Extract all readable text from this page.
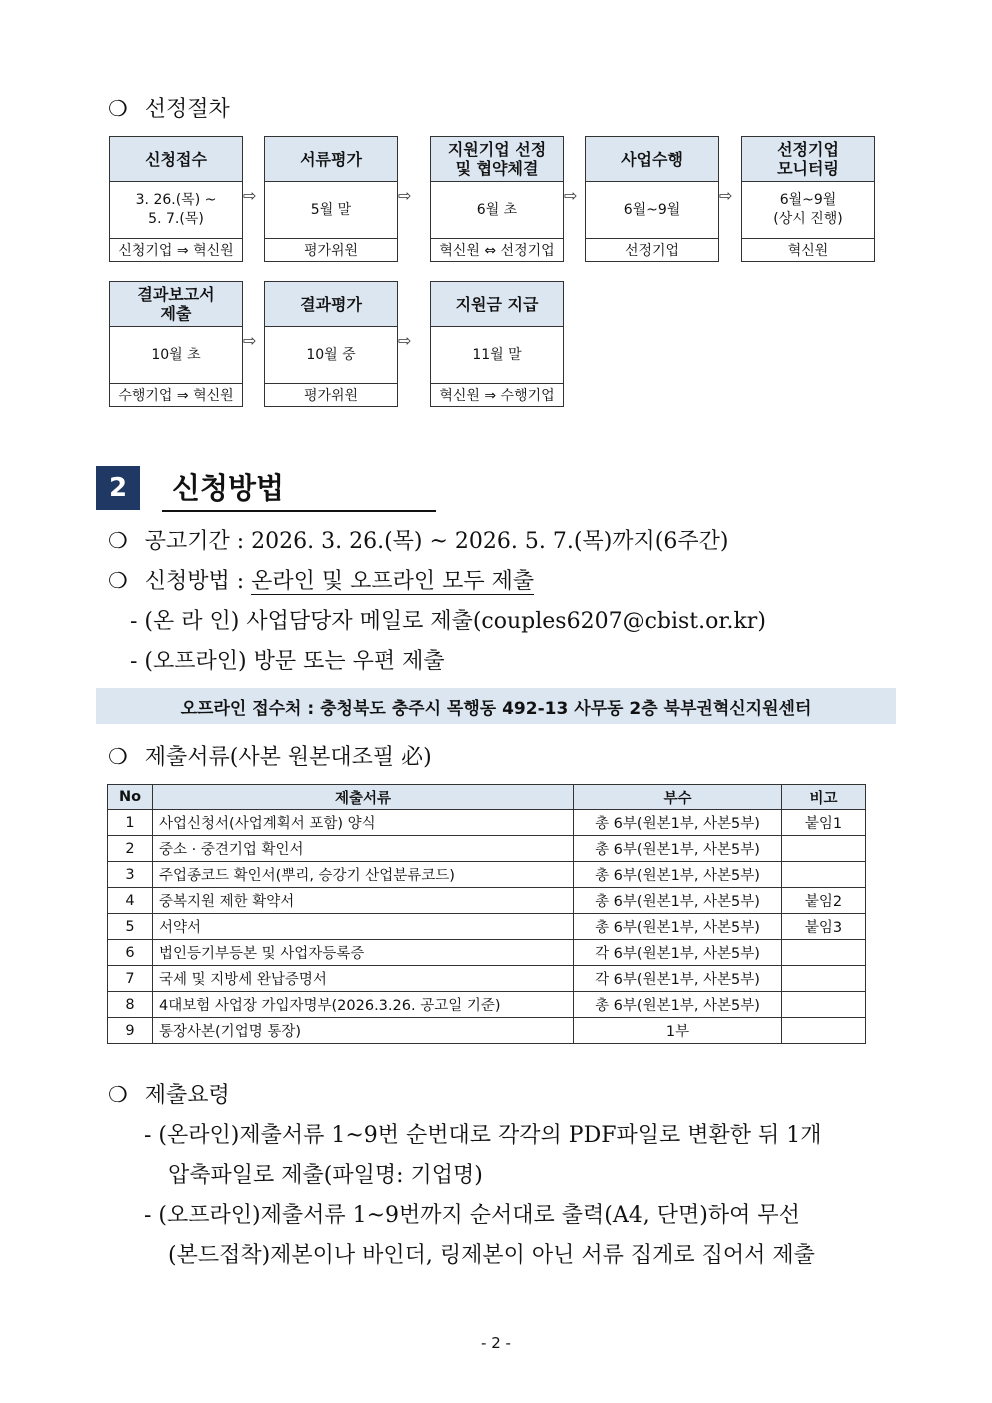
❍ 선정절차
신청접수
3. 26.(목) ~
5. 7.(목)
신청기업 ⇒ 혁신원
⇨
서류평가
5월 말
평가위원
⇨
지원기업 선정
및 협약체결
6월 초
혁신원 ⇔ 선정기업
⇨
사업수행
6월~9월
선정기업
⇨
선정기업
모니터링
6월~9월
(상시 진행)
혁신원
결과보고서
제출
10월 초
수행기업 ⇒ 혁신원
⇨
결과평가
10월 중
평가위원
⇨
지원금 지급
11월 말
혁신원 ⇒ 수행기업
2	신청방법
❍ 공고기간 : 2026. 3. 26.(목) ~ 2026. 5. 7.(목)까지(6주간)
❍ 신청방법 : 온라인 및 오프라인 모두 제출
- (온 라 인) 사업담당자 메일로 제출(couples6207@cbist.or.kr)
- (오프라인) 방문 또는 우편 제출
오프라인 접수처 : 충청북도 충주시 목행동 492-13 사무동 2층 북부권혁신지원센터
❍ 제출서류(사본 원본대조필 必)
No	제출서류	부수	비고
1	사업신청서(사업계획서 포함) 양식	총 6부(원본1부, 사본5부)	붙임1
2	중소 · 중견기업 확인서	총 6부(원본1부, 사본5부)	
3	주업종코드 확인서(뿌리, 승강기 산업분류코드)	총 6부(원본1부, 사본5부)	
4	중복지원 제한 확약서	총 6부(원본1부, 사본5부)	붙임2
5	서약서	총 6부(원본1부, 사본5부)	붙임3
6	법인등기부등본 및 사업자등록증	각 6부(원본1부, 사본5부)	
7	국세 및 지방세 완납증명서	각 6부(원본1부, 사본5부)	
8	4대보험 사업장 가입자명부(2026.3.26. 공고일 기준)	총 6부(원본1부, 사본5부)	
9	통장사본(기업명 통장)	1부	
❍ 제출요령
- (온라인)제출서류 1~9번 순번대로 각각의 PDF파일로 변환한 뒤 1개
압축파일로 제출(파일명: 기업명)
- (오프라인)제출서류 1~9번까지 순서대로 출력(A4, 단면)하여 무선
(본드접착)제본이나 바인더, 링제본이 아닌 서류 집게로 집어서 제출
- 2 -
